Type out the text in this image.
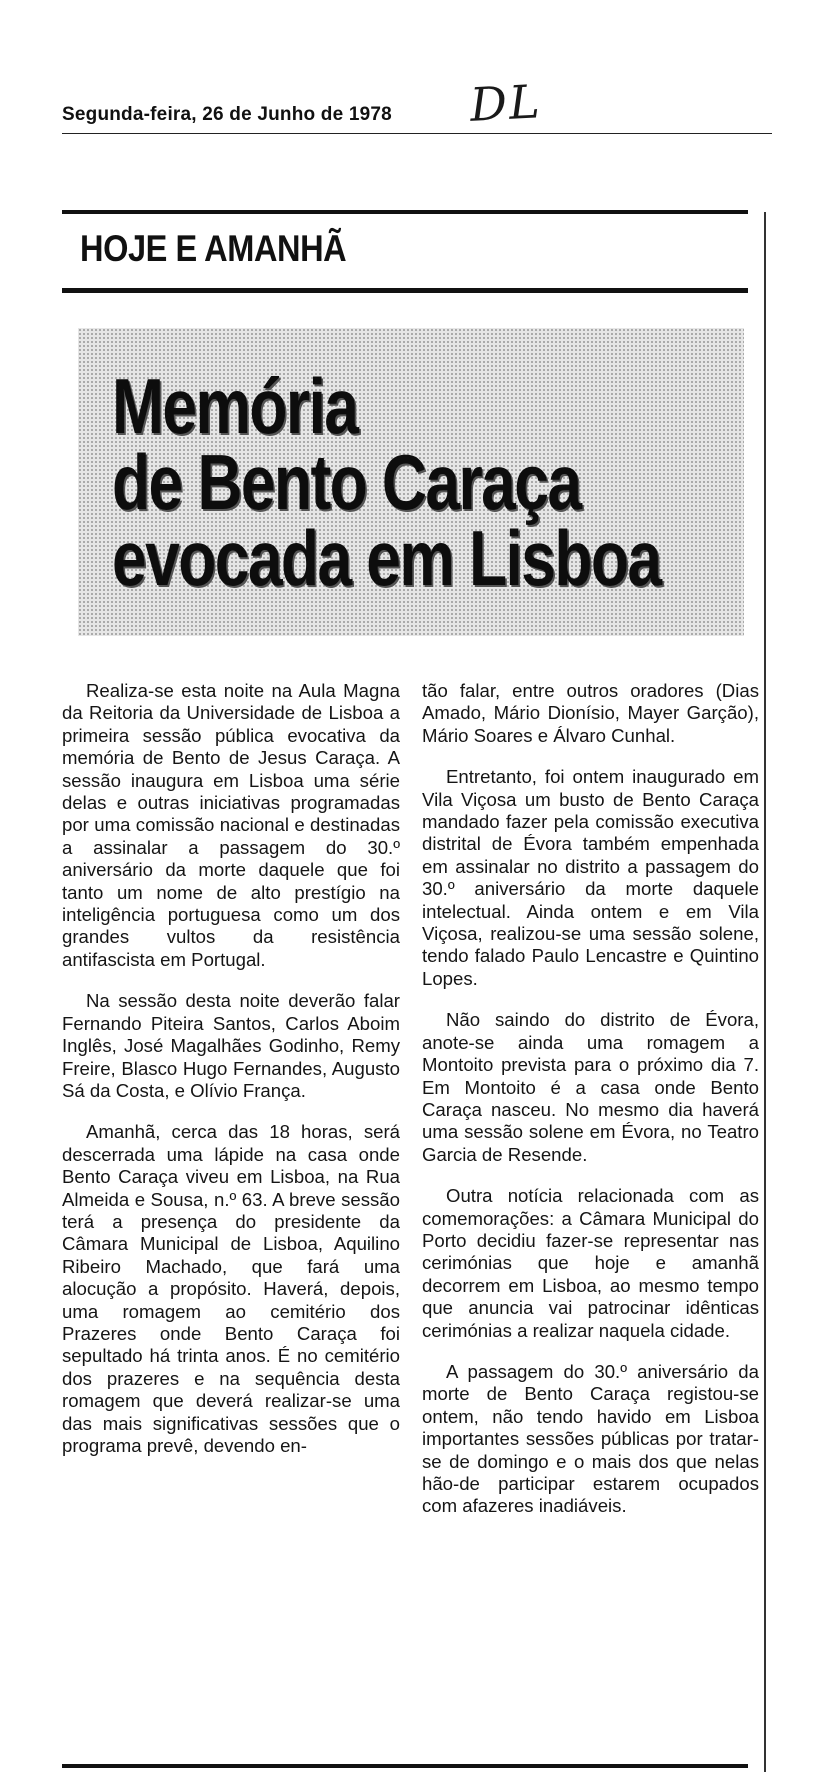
Segunda-feira, 26 de Junho de 1978	DL
HOJE E AMANHÃ
Memória
de Bento Caraça
evocada em Lisboa

Realiza-se esta noite na Aula Magna da Reitoria da Universidade de Lisboa a primeira sessão pública evocativa da memória de Bento de Jesus Caraça. A sessão inaugura em Lisboa uma série delas e outras iniciativas programadas por uma comissão nacional e destinadas a assinalar a passagem do 30.º aniversário da morte daquele que foi tanto um nome de alto prestígio na inteligência portuguesa como um dos grandes vultos da resistência antifascista em Portugal.

Na sessão desta noite deverão falar Fernando Piteira Santos, Carlos Aboim Inglês, José Magalhães Godinho, Remy Freire, Blasco Hugo Fernandes, Augusto Sá da Costa, e Olívio França.

Amanhã, cerca das 18 horas, será descerrada uma lápide na casa onde Bento Caraça viveu em Lisboa, na Rua Almeida e Sousa, n.º 63. A breve sessão terá a presença do presidente da Câmara Municipal de Lisboa, Aquilino Ribeiro Machado, que fará uma alocução a propósito. Haverá, depois, uma romagem ao cemitério dos Prazeres onde Bento Caraça foi sepultado há trinta anos. É no cemitério dos prazeres e na sequência desta romagem que deverá realizar-se uma das mais significativas sessões que o programa prevê, devendo en-

tão falar, entre outros oradores (Dias Amado, Mário Dionísio, Mayer Garção), Mário Soares e Álvaro Cunhal.

Entretanto, foi ontem inaugurado em Vila Viçosa um busto de Bento Caraça mandado fazer pela comissão executiva distrital de Évora também empenhada em assinalar no distrito a passagem do 30.º aniversário da morte daquele intelectual. Ainda ontem e em Vila Viçosa, realizou-se uma sessão solene, tendo falado Paulo Lencastre e Quintino Lopes.

Não saindo do distrito de Évora, anote-se ainda uma romagem a Montoito prevista para o próximo dia 7. Em Montoito é a casa onde Bento Caraça nasceu. No mesmo dia haverá uma sessão solene em Évora, no Teatro Garcia de Resende.

Outra notícia relacionada com as comemorações: a Câmara Municipal do Porto decidiu fazer-se representar nas cerimónias que hoje e amanhã decorrem em Lisboa, ao mesmo tempo que anuncia vai patrocinar idênticas cerimónias a realizar naquela cidade.

A passagem do 30.º aniversário da morte de Bento Caraça registou-se ontem, não tendo havido em Lisboa importantes sessões públicas por tratar-se de domingo e o mais dos que nelas hão-de participar estarem ocupados com afazeres inadiáveis.
